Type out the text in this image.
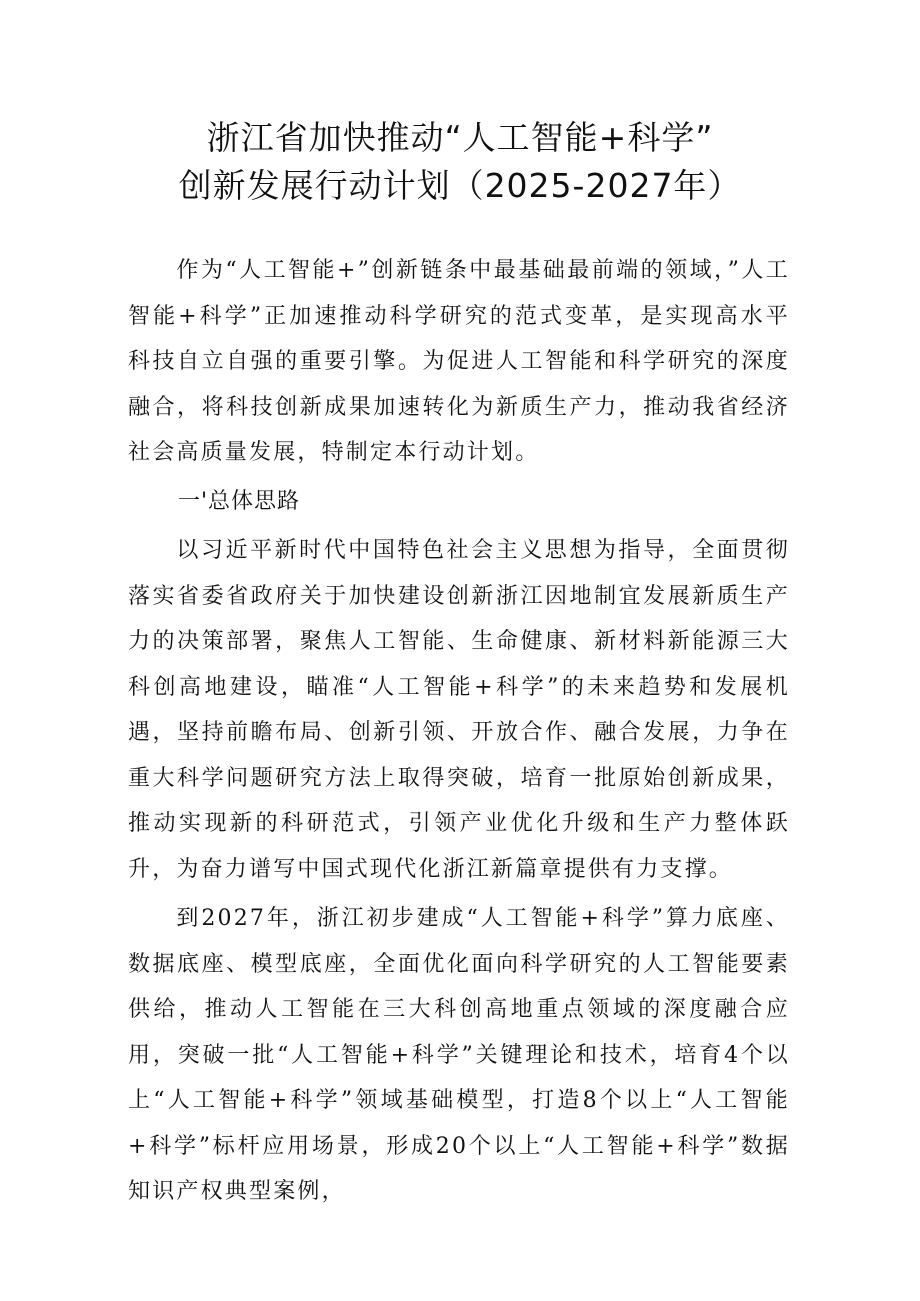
浙江省加快推动“人工智能+科学”
创新发展行动计划（2025-2027年）

作为“人工智能+”创新链条中最基础最前端的领域，”人工智能+科学”正加速推动科学研究的范式变革，是实现高水平科技自立自强的重要引擎。为促进人工智能和科学研究的深度融合，将科技创新成果加速转化为新质生产力，推动我省经济社会高质量发展，特制定本行动计划。

一'总体思路

以习近平新时代中国特色社会主义思想为指导，全面贯彻落实省委省政府关于加快建设创新浙江因地制宜发展新质生产力的决策部署，聚焦人工智能、生命健康、新材料新能源三大科创高地建设，瞄准“人工智能+科学”的未来趋势和发展机遇，坚持前瞻布局、创新引领、开放合作、融合发展，力争在重大科学问题研究方法上取得突破，培育一批原始创新成果，推动实现新的科研范式，引领产业优化升级和生产力整体跃升，为奋力谱写中国式现代化浙江新篇章提供有力支撑。

到2027年，浙江初步建成“人工智能+科学”算力底座、数据底座、模型底座，全面优化面向科学研究的人工智能要素供给，推动人工智能在三大科创高地重点领域的深度融合应用，突破一批“人工智能+科学”关键理论和技术，培育4个以上“人工智能+科学”领域基础模型，打造8个以上“人工智能+科学”标杆应用场景，形成20个以上“人工智能+科学”数据知识产权典型案例，
